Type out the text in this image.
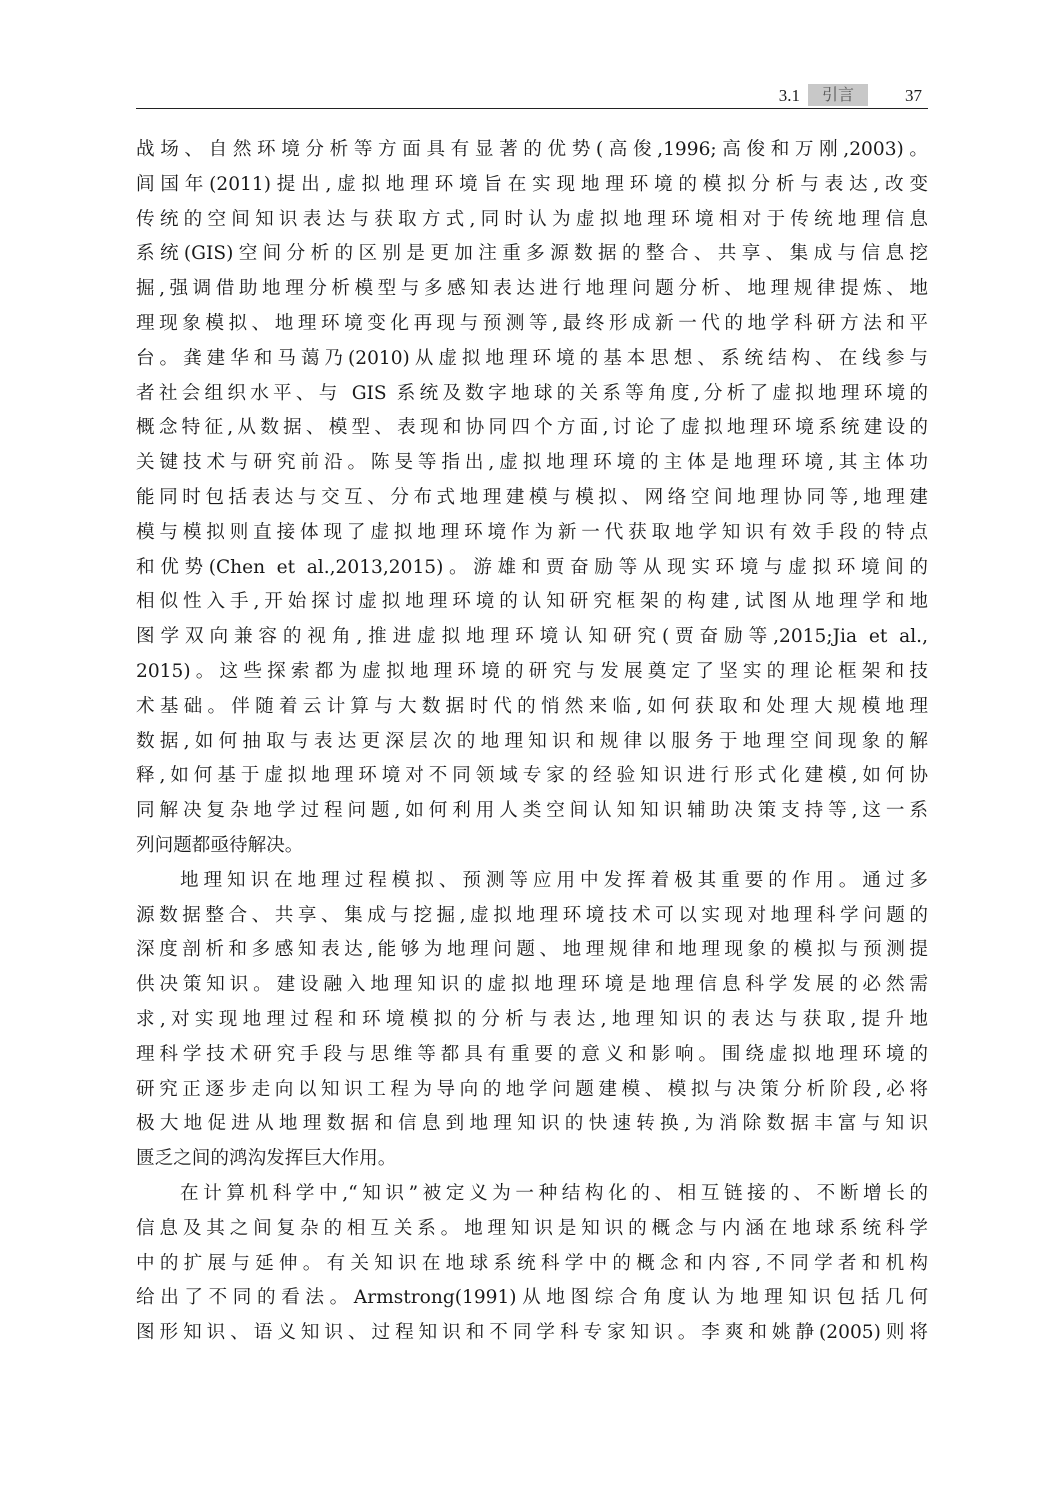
3.1	引言	37
战场、自然环境分析等方面具有显著的优势(高俊,1996;高俊和万刚,2003)。
闾国年(2011)提出,虚拟地理环境旨在实现地理环境的模拟分析与表达,改变
传统的空间知识表达与获取方式,同时认为虚拟地理环境相对于传统地理信息
系统(GIS)空间分析的区别是更加注重多源数据的整合、共享、集成与信息挖
掘,强调借助地理分析模型与多感知表达进行地理问题分析、地理规律提炼、地
理现象模拟、地理环境变化再现与预测等,最终形成新一代的地学科研方法和平
台。龚建华和马蔼乃(2010)从虚拟地理环境的基本思想、系统结构、在线参与
者社会组织水平、与 GIS 系统及数字地球的关系等角度,分析了虚拟地理环境的
概念特征,从数据、模型、表现和协同四个方面,讨论了虚拟地理环境系统建设的
关键技术与研究前沿。陈旻等指出,虚拟地理环境的主体是地理环境,其主体功
能同时包括表达与交互、分布式地理建模与模拟、网络空间地理协同等,地理建
模与模拟则直接体现了虚拟地理环境作为新一代获取地学知识有效手段的特点
和优势(Chen et al.,2013,2015)。游雄和贾奋励等从现实环境与虚拟环境间的
相似性入手,开始探讨虚拟地理环境的认知研究框架的构建,试图从地理学和地
图学双向兼容的视角,推进虚拟地理环境认知研究(贾奋励等,2015;Jia et al.,
2015)。这些探索都为虚拟地理环境的研究与发展奠定了坚实的理论框架和技
术基础。伴随着云计算与大数据时代的悄然来临,如何获取和处理大规模地理
数据,如何抽取与表达更深层次的地理知识和规律以服务于地理空间现象的解
释,如何基于虚拟地理环境对不同领域专家的经验知识进行形式化建模,如何协
同解决复杂地学过程问题,如何利用人类空间认知知识辅助决策支持等,这一系
列问题都亟待解决。
地理知识在地理过程模拟、预测等应用中发挥着极其重要的作用。通过多
源数据整合、共享、集成与挖掘,虚拟地理环境技术可以实现对地理科学问题的
深度剖析和多感知表达,能够为地理问题、地理规律和地理现象的模拟与预测提
供决策知识。建设融入地理知识的虚拟地理环境是地理信息科学发展的必然需
求,对实现地理过程和环境模拟的分析与表达,地理知识的表达与获取,提升地
理科学技术研究手段与思维等都具有重要的意义和影响。围绕虚拟地理环境的
研究正逐步走向以知识工程为导向的地学问题建模、模拟与决策分析阶段,必将
极大地促进从地理数据和信息到地理知识的快速转换,为消除数据丰富与知识
匮乏之间的鸿沟发挥巨大作用。
在计算机科学中,“知识”被定义为一种结构化的、相互链接的、不断增长的
信息及其之间复杂的相互关系。地理知识是知识的概念与内涵在地球系统科学
中的扩展与延伸。有关知识在地球系统科学中的概念和内容,不同学者和机构
给出了不同的看法。Armstrong(1991)从地图综合角度认为地理知识包括几何
图形知识、语义知识、过程知识和不同学科专家知识。李爽和姚静(2005)则将
